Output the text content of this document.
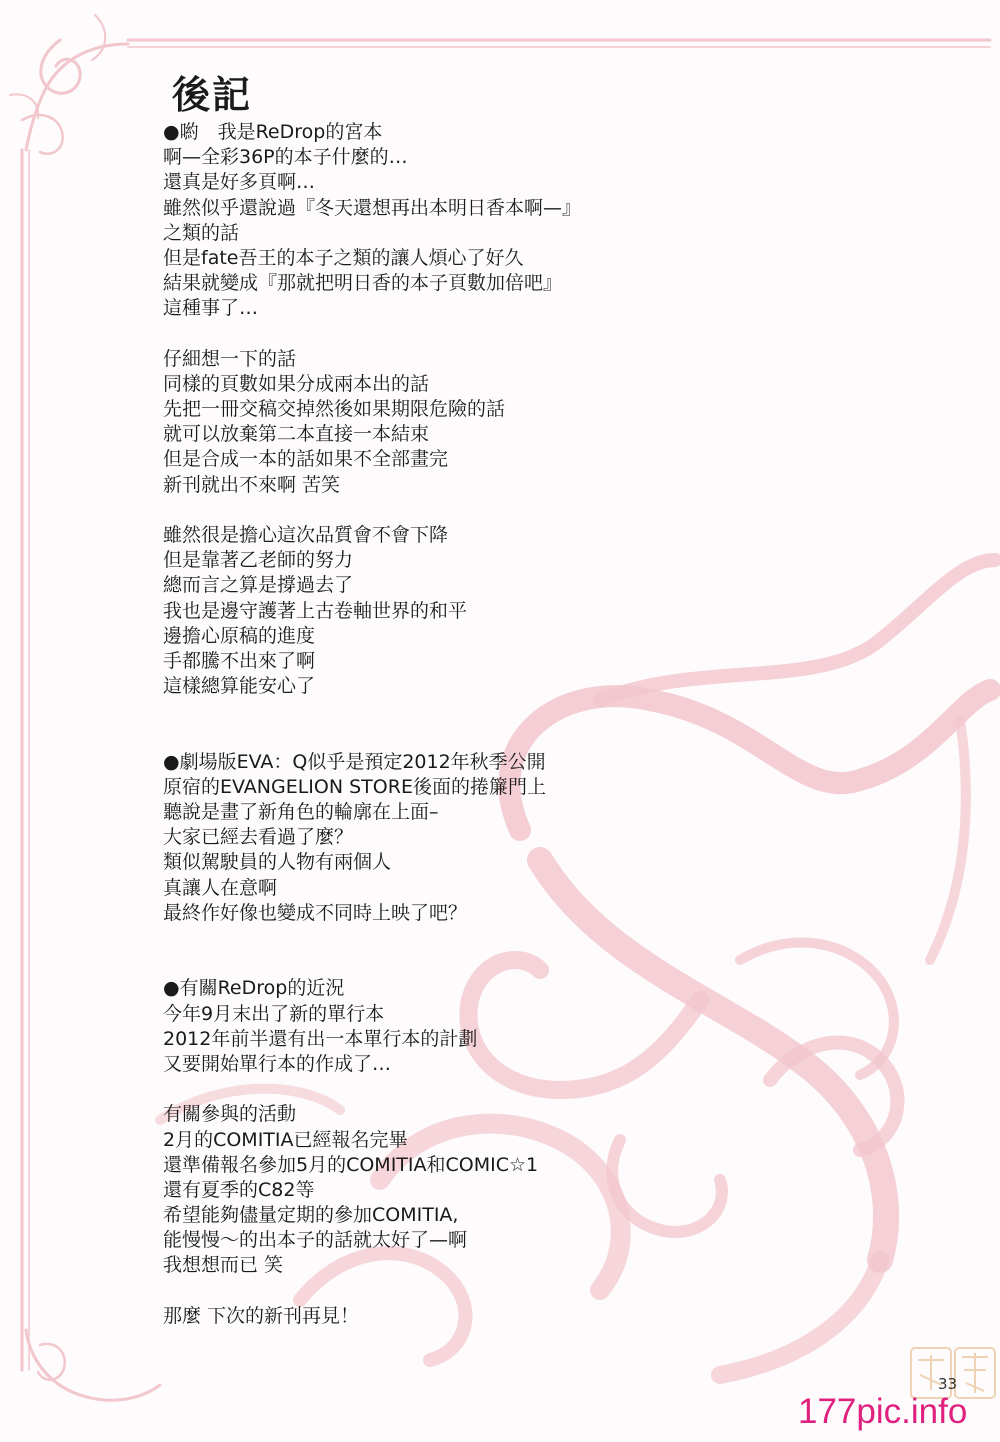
後記
●喲　我是ReDrop的宮本
啊—全彩36P的本子什麼的…
還真是好多頁啊…
雖然似乎還說過『冬天還想再出本明日香本啊—』
之類的話
但是fate吾王的本子之類的讓人煩心了好久
結果就變成『那就把明日香的本子頁數加倍吧』
這種事了…
仔細想一下的話
同樣的頁數如果分成兩本出的話
先把一冊交稿交掉然後如果期限危險的話
就可以放棄第二本直接一本結束
但是合成一本的話如果不全部畫完
新刊就出不來啊 苦笑
雖然很是擔心這次品質會不會下降
但是靠著乙老師的努力
總而言之算是撐過去了
我也是邊守護著上古卷軸世界的和平
邊擔心原稿的進度
手都騰不出來了啊
這樣總算能安心了
●劇場版EVA：Q似乎是預定2012年秋季公開
原宿的EVANGELION STORE後面的捲簾門上
聽說是畫了新角色的輪廓在上面–
大家已經去看過了麼？
類似駕駛員的人物有兩個人
真讓人在意啊
最終作好像也變成不同時上映了吧？
●有關ReDrop的近況
今年9月末出了新的單行本
2012年前半還有出一本單行本的計劃
又要開始單行本的作成了…
有關參與的活動
2月的COMITIA已經報名完畢
還準備報名參加5月的COMITIA和COMIC☆1
還有夏季的C82等
希望能夠儘量定期的參加COMITIA,
能慢慢～的出本子的話就太好了—啊
我想想而已 笑
那麼 下次的新刊再見！
33
177pic.info
